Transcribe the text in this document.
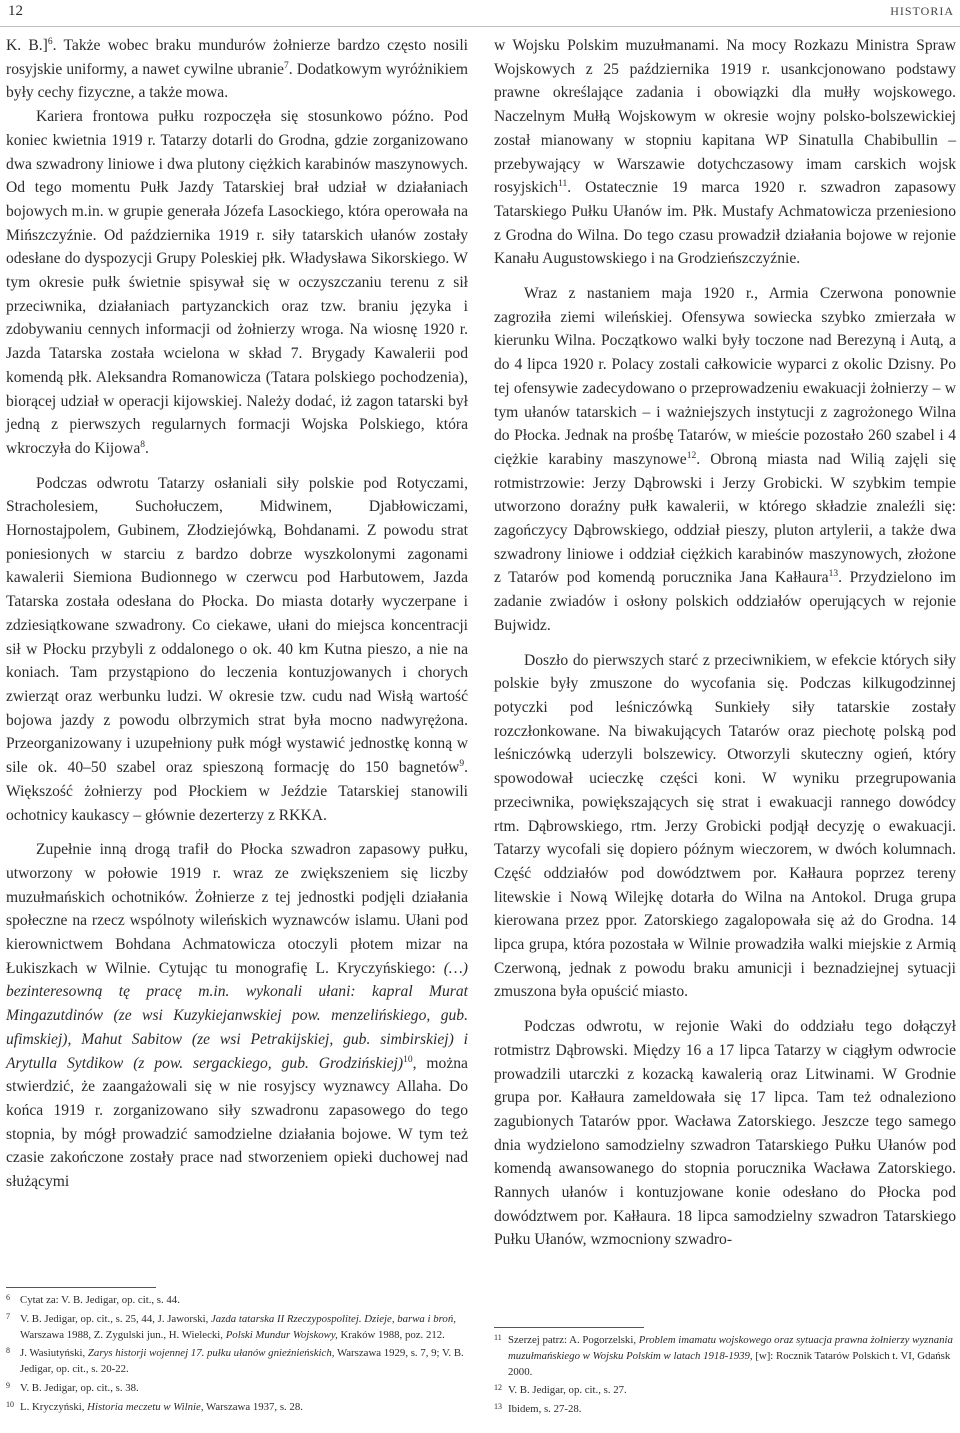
12	HISTORIA

K. B.]$^6$. Także wobec braku mundurów żołnierze bardzo często nosili rosyjskie uniformy, a nawet cywilne ubranie$^7$. Dodatkowym wyróżnikiem były cechy fizyczne, a także mowa.

Kariera frontowa pułku rozpoczęła się stosunkowo późno. Pod koniec kwietnia 1919 r. Tatarzy dotarli do Grodna, gdzie zorganizowano dwa szwadrony liniowe i dwa plutony ciężkich karabinów maszynowych. Od tego momentu Pułk Jazdy Tatarskiej brał udział w działaniach bojowych m.in. w grupie generała Józefa Lasockiego, która operowała na Mińszczyźnie. Od października 1919 r. siły tatarskich ułanów zostały odesłane do dyspozycji Grupy Poleskiej płk. Władysława Sikorskiego. W tym okresie pułk świetnie spisywał się w oczyszczaniu terenu z sił przeciwnika, działaniach partyzanckich oraz tzw. braniu języka i zdobywaniu cennych informacji od żołnierzy wroga. Na wiosnę 1920 r. Jazda Tatarska została wcielona w skład 7. Brygady Kawalerii pod komendą płk. Aleksandra Romanowicza (Tatara polskiego pochodzenia), biorącej udział w operacji kijowskiej. Należy dodać, iż zagon tatarski był jedną z pierwszych regularnych formacji Wojska Polskiego, która wkroczyła do Kijowa$^8$.

Podczas odwrotu Tatarzy osłaniali siły polskie pod Rotyczami, Stracholesiem, Suchołuczem, Midwinem, Djabłowiczami, Hornostajpolem, Gubinem, Złodziejówką, Bohdanami. Z powodu strat poniesionych w starciu z bardzo dobrze wyszkolonymi zagonami kawalerii Siemiona Budionnego w czerwcu pod Harbutowem, Jazda Tatarska została odesłana do Płocka. Do miasta dotarły wyczerpane i zdziesiątkowane szwadrony. Co ciekawe, ułani do miejsca koncentracji sił w Płocku przybyli z oddalonego o ok. 40 km Kutna pieszo, a nie na koniach. Tam przystąpiono do leczenia kontuzjowanych i chorych zwierząt oraz werbunku ludzi. W okresie tzw. cudu nad Wisłą wartość bojowa jazdy z powodu olbrzymich strat była mocno nadwyrężona. Przeorganizowany i uzupełniony pułk mógł wystawić jednostkę konną w sile ok. 40–50 szabel oraz spieszoną formację do 150 bagnetów$^9$. Większość żołnierzy pod Płockiem w Jeździe Tatarskiej stanowili ochotnicy kaukascy – głównie dezerterzy z RKKA.

Zupełnie inną drogą trafił do Płocka szwadron zapasowy pułku, utworzony w połowie 1919 r. wraz ze zwiększeniem się liczby muzułmańskich ochotników. Żołnierze z tej jednostki podjęli działania społeczne na rzecz wspólnoty wileńskich wyznawców islamu. Ułani pod kierownictwem Bohdana Achmatowicza otoczyli płotem mizar na Łukiszkach w Wilnie. Cytując tu monografię L. Kryczyńskiego: (…) bezinteresowną tę pracę m.in. wykonali ułani: kapral Murat Mingazutdinów (ze wsi Kuzykiejanwskiej pow. menzelińskiego, gub. ufimskiej), Mahut Sabitow (ze wsi Petrakijskiej, gub. simbirskiej) i Arytulla Sytdikow (z pow. sergackiego, gub. Grodzińskiej)$^{10}$, można stwierdzić, że zaangażowali się w nie rosyjscy wyznawcy Allaha. Do końca 1919 r. zorganizowano siły szwadronu zapasowego do tego stopnia, by mógł prowadzić samodzielne działania bojowe. W tym też czasie zakończone zostały prace nad stworzeniem opieki duchowej nad służącymi

w Wojsku Polskim muzułmanami. Na mocy Rozkazu Ministra Spraw Wojskowych z 25 października 1919 r. usankcjonowano podstawy prawne określające zadania i obowiązki dla mułły wojskowego. Naczelnym Mułłą Wojskowym w okresie wojny polsko-bolszewickiej został mianowany w stopniu kapitana WP Sinatulla Chabibullin – przebywający w Warszawie dotychczasowy imam carskich wojsk rosyjskich$^{11}$. Ostatecznie 19 marca 1920 r. szwadron zapasowy Tatarskiego Pułku Ułanów im. Płk. Mustafy Achmatowicza przeniesiono z Grodna do Wilna. Do tego czasu prowadził działania bojowe w rejonie Kanału Augustowskiego i na Grodzieńszczyźnie.

Wraz z nastaniem maja 1920 r., Armia Czerwona ponownie zagroziła ziemi wileńskiej. Ofensywa sowiecka szybko zmierzała w kierunku Wilna. Początkowo walki były toczone nad Berezyną i Autą, a do 4 lipca 1920 r. Polacy zostali całkowicie wyparci z okolic Dzisny. Po tej ofensywie zadecydowano o przeprowadzeniu ewakuacji żołnierzy – w tym ułanów tatarskich – i ważniejszych instytucji z zagrożonego Wilna do Płocka. Jednak na prośbę Tatarów, w mieście pozostało 260 szabel i 4 ciężkie karabiny maszynowe$^{12}$. Obroną miasta nad Wilią zajęli się rotmistrzowie: Jerzy Dąbrowski i Jerzy Grobicki. W szybkim tempie utworzono doraźny pułk kawalerii, w którego składzie znaleźli się: zagończycy Dąbrowskiego, oddział pieszy, pluton artylerii, a także dwa szwadrony liniowe i oddział ciężkich karabinów maszynowych, złożone z Tatarów pod komendą porucznika Jana Kałłaura$^{13}$. Przydzielono im zadanie zwiadów i osłony polskich oddziałów operujących w rejonie Bujwidz.

Doszło do pierwszych starć z przeciwnikiem, w efekcie których siły polskie były zmuszone do wycofania się. Podczas kilkugodzinnej potyczki pod leśniczówką Sunkieły siły tatarskie zostały rozczłonkowane. Na biwakujących Tatarów oraz piechotę polską pod leśniczówką uderzyli bolszewicy. Otworzyli skuteczny ogień, który spowodował ucieczkę części koni. W wyniku przegrupowania przeciwnika, powiększających się strat i ewakuacji rannego dowódcy rtm. Dąbrowskiego, rtm. Jerzy Grobicki podjął decyzję o ewakuacji. Tatarzy wycofali się dopiero późnym wieczorem, w dwóch kolumnach. Część oddziałów pod dowództwem por. Kałłaura poprzez tereny litewskie i Nową Wilejkę dotarła do Wilna na Antokol. Druga grupa kierowana przez ppor. Zatorskiego zagalopowała się aż do Grodna. 14 lipca grupa, która pozostała w Wilnie prowadziła walki miejskie z Armią Czerwoną, jednak z powodu braku amunicji i beznadziejnej sytuacji zmuszona była opuścić miasto.

Podczas odwrotu, w rejonie Waki do oddziału tego dołączył rotmistrz Dąbrowski. Między 16 a 17 lipca Tatarzy w ciągłym odwrocie prowadzili utarczki z kozacką kawalerią oraz Litwinami. W Grodnie grupa por. Kałłaura zameldowała się 17 lipca. Tam też odnaleziono zagubionych Tatarów ppor. Wacława Zatorskiego. Jeszcze tego samego dnia wydzielono samodzielny szwadron Tatarskiego Pułku Ułanów pod komendą awansowanego do stopnia porucznika Wacława Zatorskiego. Rannych ułanów i kontuzjowane konie odesłano do Płocka pod dowództwem por. Kałłaura. 18 lipca samodzielny szwadron Tatarskiego Pułku Ułanów, wzmocniony szwadro-

6 Cytat za: V. B. Jedigar, op. cit., s. 44.
7 V. B. Jedigar, op. cit., s. 25, 44, J. Jaworski, Jazda tatarska II Rzeczypospolitej. Dzieje, barwa i broń, Warszawa 1988, Z. Zygulski jun., H. Wielecki, Polski Mundur Wojskowy, Kraków 1988, poz. 212.
8 J. Wasiutyński, Zarys historji wojennej 17. pułku ułanów gnieźnieńskich, Warszawa 1929, s. 7, 9; V. B. Jedigar, op. cit., s. 20-22.
9 V. B. Jedigar, op. cit., s. 38.
10 L. Kryczyński, Historia meczetu w Wilnie, Warszawa 1937, s. 28.
11 Szerzej patrz: A. Pogorzelski, Problem imamatu wojskowego oraz sytuacja prawna żołnierzy wyznania muzułmańskiego w Wojsku Polskim w latach 1918-1939, [w]: Rocznik Tatarów Polskich t. VI, Gdańsk 2000.
12 V. B. Jedigar, op. cit., s. 27.
13 Ibidem, s. 27-28.
